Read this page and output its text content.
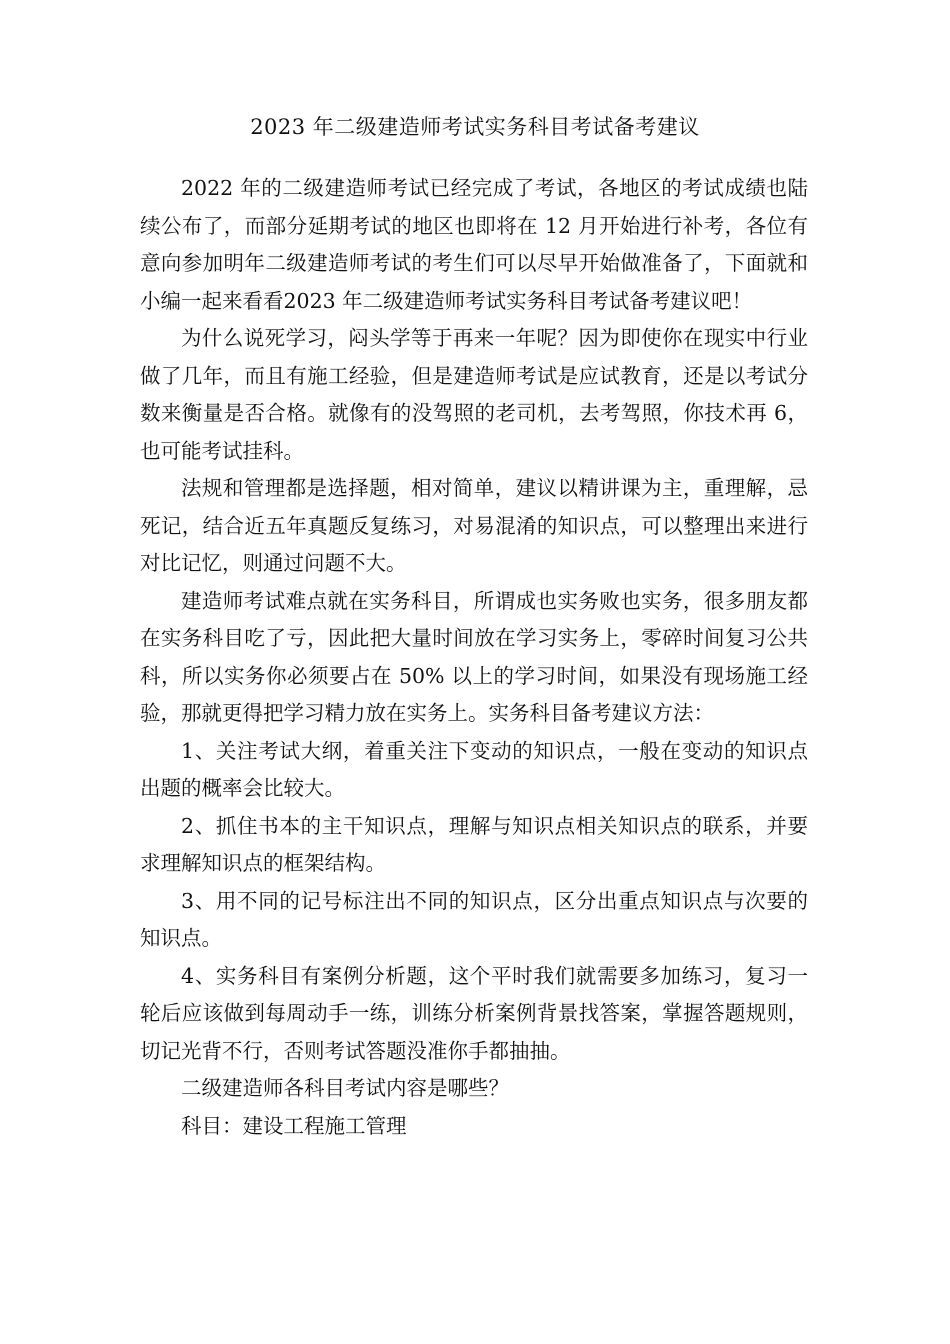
2023 年二级建造师考试实务科目考试备考建议

2022 年的二级建造师考试已经完成了考试，各地区的考试成绩也陆续公布了，而部分延期考试的地区也即将在 12 月开始进行补考，各位有意向参加明年二级建造师考试的考生们可以尽早开始做准备了，下面就和小编一起来看看2023 年二级建造师考试实务科目考试备考建议吧！

为什么说死学习，闷头学等于再来一年呢？因为即使你在现实中行业做了几年，而且有施工经验，但是建造师考试是应试教育，还是以考试分数来衡量是否合格。就像有的没驾照的老司机，去考驾照，你技术再 6，也可能考试挂科。

法规和管理都是选择题，相对简单，建议以精讲课为主，重理解，忌死记，结合近五年真题反复练习，对易混淆的知识点，可以整理出来进行对比记忆，则通过问题不大。

建造师考试难点就在实务科目，所谓成也实务败也实务，很多朋友都在实务科目吃了亏，因此把大量时间放在学习实务上，零碎时间复习公共科，所以实务你必须要占在 50% 以上的学习时间，如果没有现场施工经验，那就更得把学习精力放在实务上。实务科目备考建议方法：

1、关注考试大纲，着重关注下变动的知识点，一般在变动的知识点出题的概率会比较大。

2、抓住书本的主干知识点，理解与知识点相关知识点的联系，并要求理解知识点的框架结构。

3、用不同的记号标注出不同的知识点，区分出重点知识点与次要的知识点。

4、实务科目有案例分析题，这个平时我们就需要多加练习，复习一轮后应该做到每周动手一练，训练分析案例背景找答案，掌握答题规则，切记光背不行，否则考试答题没准你手都抽抽。

二级建造师各科目考试内容是哪些？

科目：建设工程施工管理
